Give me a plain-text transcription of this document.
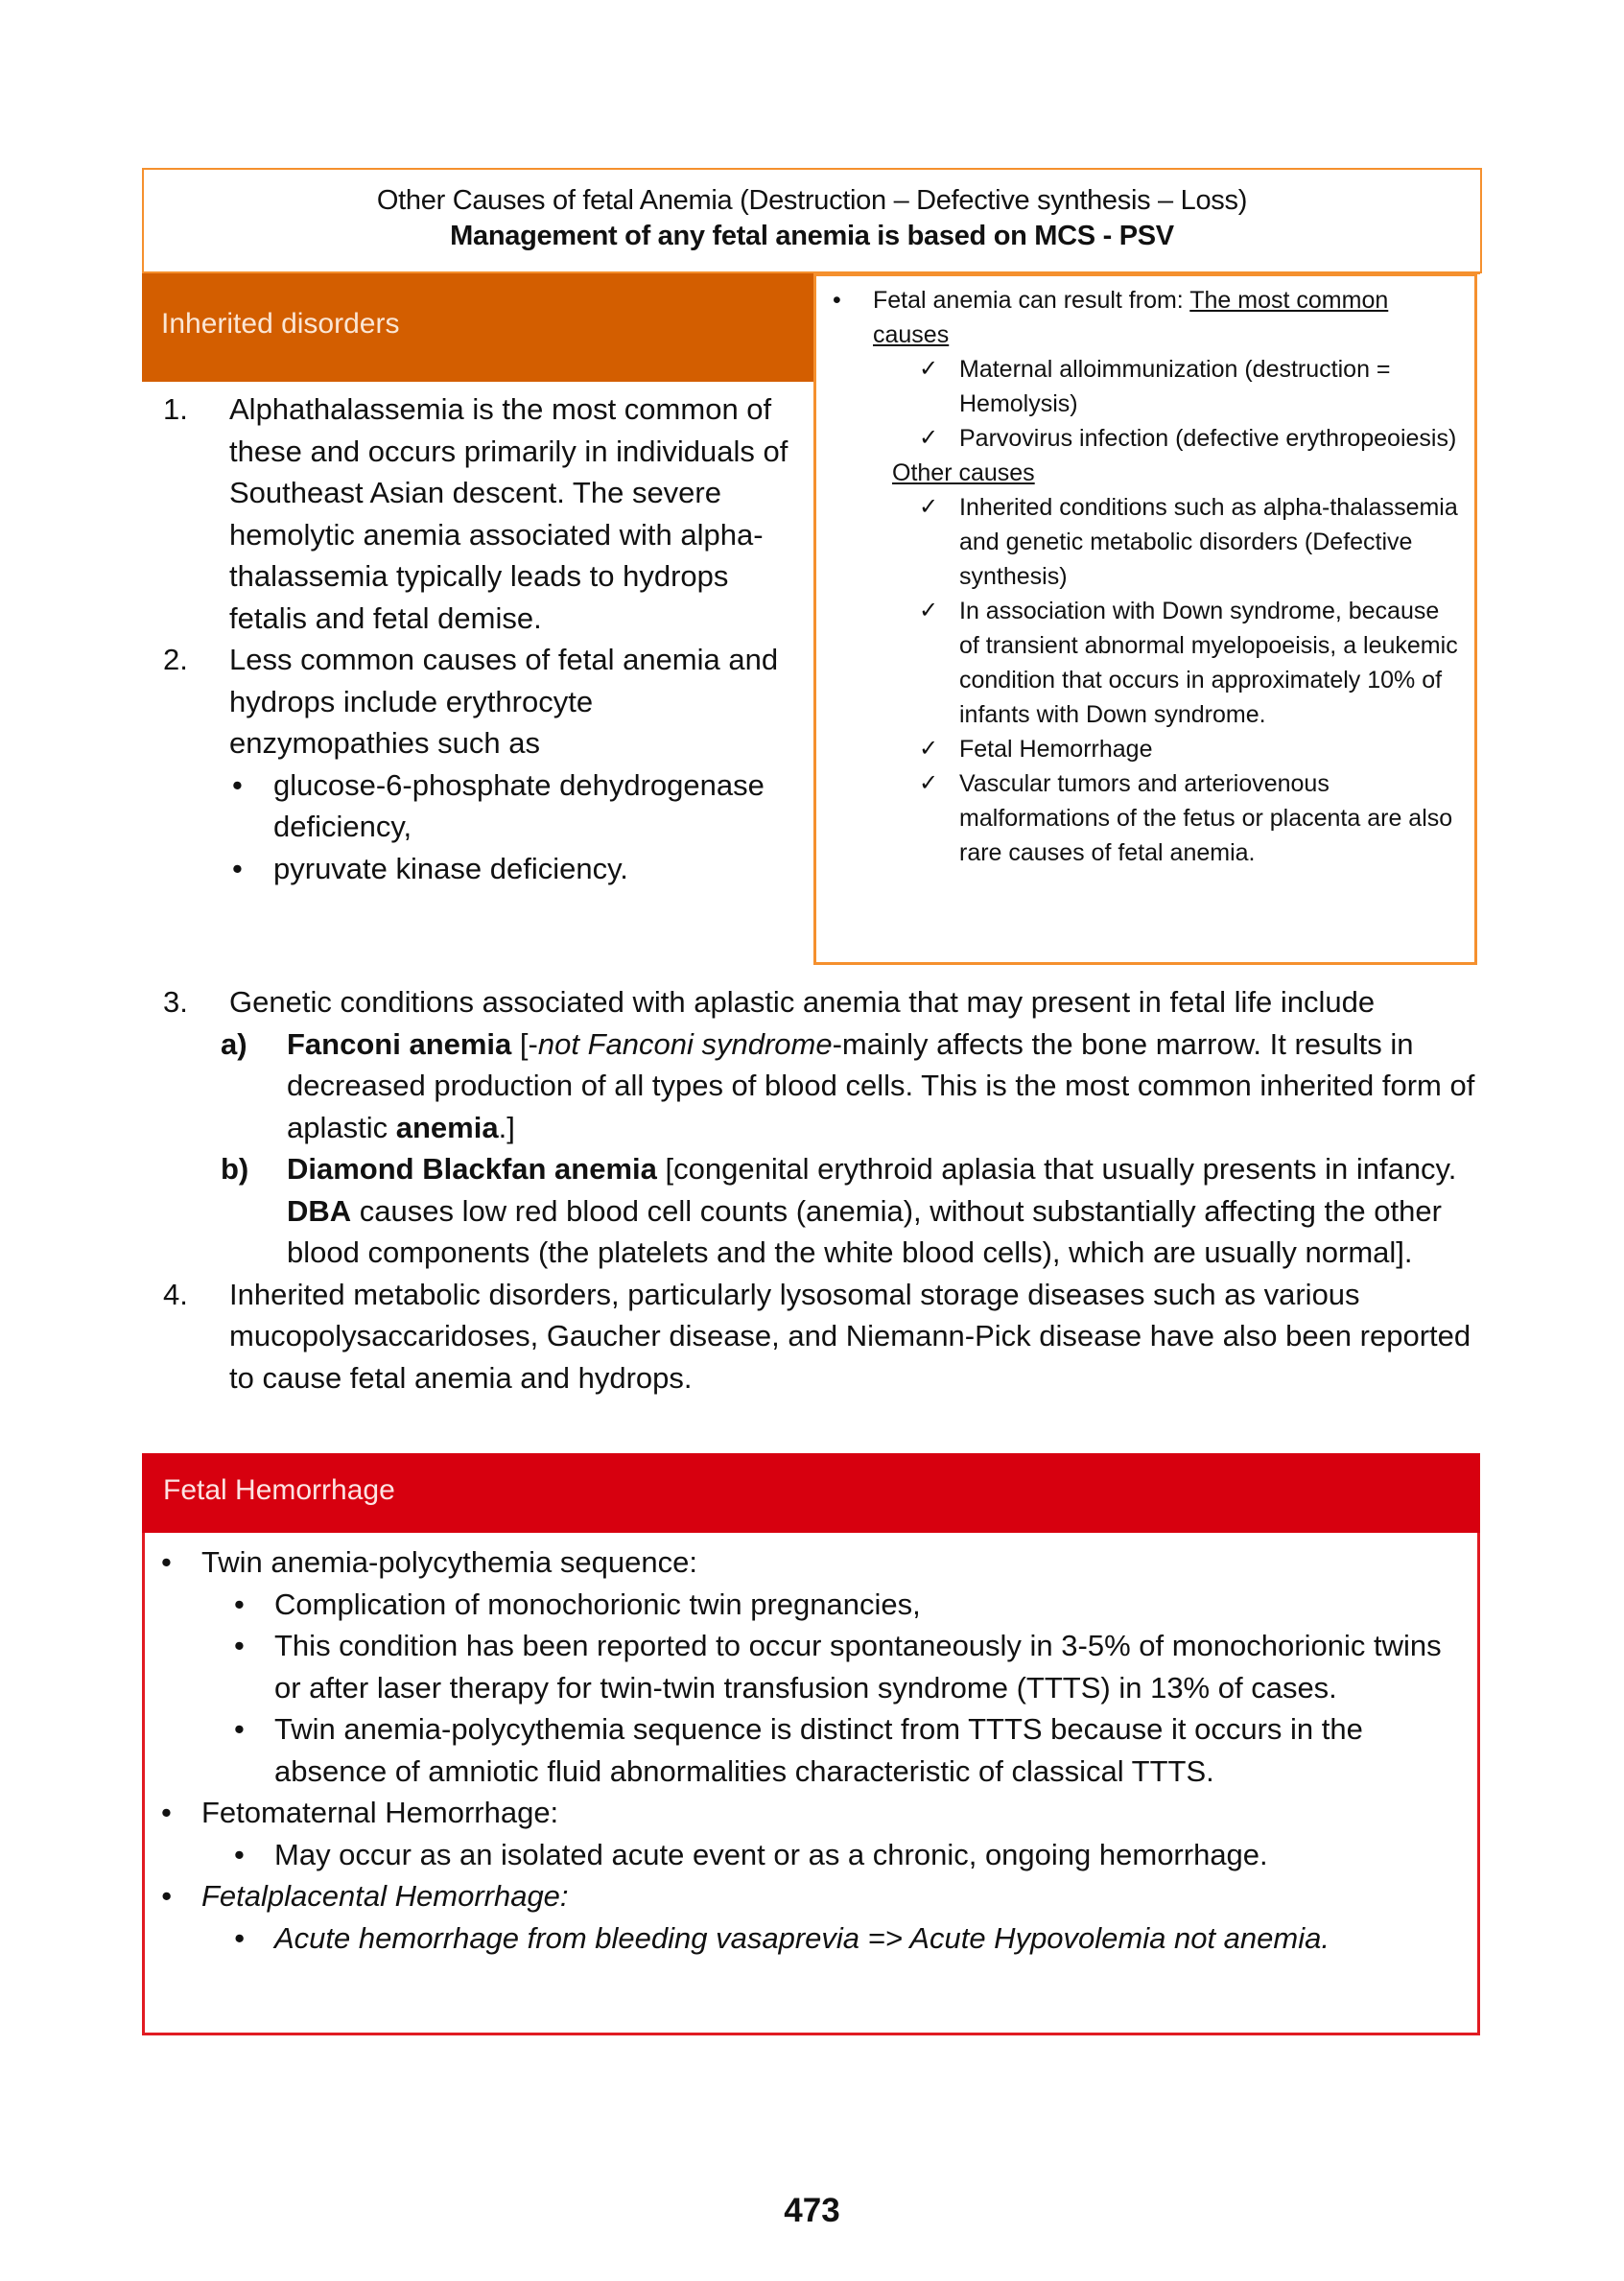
Other Causes of fetal Anemia (Destruction – Defective synthesis – Loss)
Management of any fetal anemia is based on MCS - PSV
Inherited disorders
1. Alphathalassemia is the most common of these and occurs primarily in individuals of Southeast Asian descent. The severe hemolytic anemia associated with alpha-thalassemia typically leads to hydrops fetalis and fetal demise.
2. Less common causes of fetal anemia and hydrops include erythrocyte enzymopathies such as
• glucose-6-phosphate dehydrogenase deficiency,
• pyruvate kinase deficiency.
• Fetal anemia can result from: The most common causes
✓ Maternal alloimmunization (destruction = Hemolysis)
✓ Parvovirus infection (defective erythropeoiesis)
Other causes
✓ Inherited conditions such as alpha-thalassemia and genetic metabolic disorders (Defective synthesis)
✓ In association with Down syndrome, because of transient abnormal myelopoeisis, a leukemic condition that occurs in approximately 10% of infants with Down syndrome.
✓ Fetal Hemorrhage
✓ Vascular tumors and arteriovenous malformations of the fetus or placenta are also rare causes of fetal anemia.
3. Genetic conditions associated with aplastic anemia that may present in fetal life include
a) Fanconi anemia [-not Fanconi syndrome-mainly affects the bone marrow. It results in decreased production of all types of blood cells. This is the most common inherited form of aplastic anemia.]
b) Diamond Blackfan anemia [congenital erythroid aplasia that usually presents in infancy. DBA causes low red blood cell counts (anemia), without substantially affecting the other blood components (the platelets and the white blood cells), which are usually normal].
4. Inherited metabolic disorders, particularly lysosomal storage diseases such as various mucopolysaccaridoses, Gaucher disease, and Niemann-Pick disease have also been reported to cause fetal anemia and hydrops.
Fetal Hemorrhage
• Twin anemia-polycythemia sequence:
• Complication of monochorionic twin pregnancies,
• This condition has been reported to occur spontaneously in 3-5% of monochorionic twins or after laser therapy for twin-twin transfusion syndrome (TTTS) in 13% of cases.
• Twin anemia-polycythemia sequence is distinct from TTTS because it occurs in the absence of amniotic fluid abnormalities characteristic of classical TTTS.
• Fetomaternal Hemorrhage:
• May occur as an isolated acute event or as a chronic, ongoing hemorrhage.
• Fetalplacental Hemorrhage:
• Acute hemorrhage from bleeding vasaprevia => Acute Hypovolemia not anemia.
473
